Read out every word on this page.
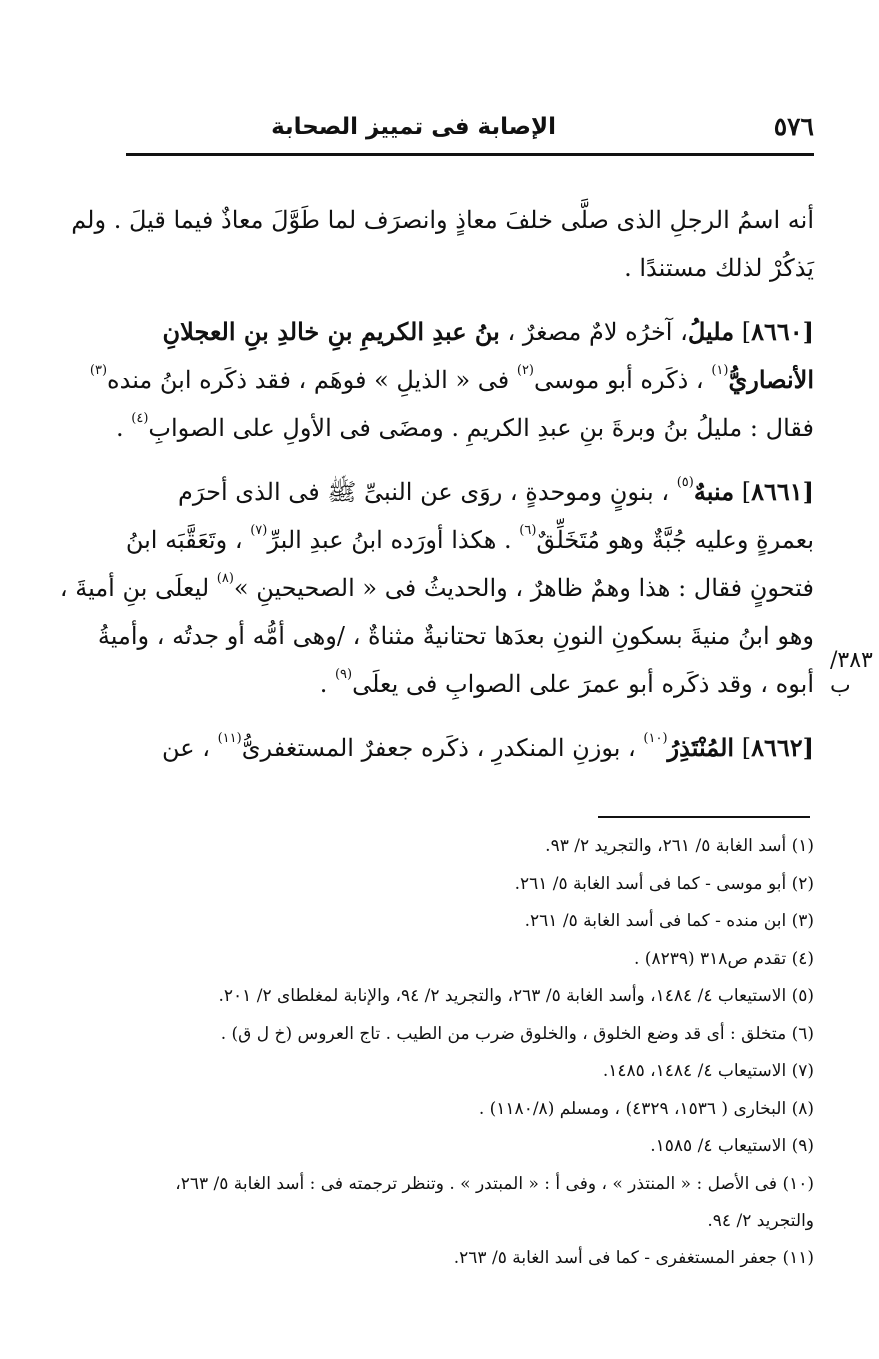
٥٧٦
الإصابة فى تمييز الصحابة
٣٨٣/ب
أنه اسمُ الرجلِ الذى صلَّى خلفَ معاذٍ وانصرَف لما طَوَّلَ معاذٌ فيما قيلَ . ولم
يَذكُرْ لذلك مستندًا .
[٨٦٦٠] مليلُ، آخرُه لامٌ مصغرٌ ، بنُ عبدِ الكريمِ بنِ خالدِ بنِ العجلانِ
الأنصاريُّ$^{(١)}$ ، ذكَره أبو موسى$^{(٢)}$ فى « الذيلِ » فوهَم ، فقد ذكَره ابنُ منده$^{(٣)}$
فقال : مليلُ بنُ وبرةَ بنِ عبدِ الكريمِ . ومضَى فى الأولِ على الصوابِ$^{(٤)}$ .
[٨٦٦١] منبهٌ$^{(٥)}$ ، بنونٍ وموحدةٍ ، روَى عن النبىِّ ﷺ فى الذى أحرَم
بعمرةٍ وعليه جُبَّةٌ وهو مُتَخَلِّقٌ$^{(٦)}$ . هكذا أورَده ابنُ عبدِ البرِّ$^{(٧)}$ ، وتَعَقَّبَه ابنُ
فتحونٍ فقال : هذا وهمٌ ظاهرٌ ، والحديثُ فى « الصحيحينِ »$^{(٨)}$ ليعلَى بنِ أميةَ ،
وهو ابنُ منيةَ بسكونِ النونِ بعدَها تحتانيةٌ مثناةٌ ، /وهى أمُّه أو جدتُه ، وأميةُ
أبوه ، وقد ذكَره أبو عمرَ على الصوابِ فى يعلَى$^{(٩)}$ .
[٨٦٦٢] المُنْتَذِرُ$^{(١٠)}$ ، بوزنِ المنكدرِ ، ذكَره جعفرٌ المستغفرىُّ$^{(١١)}$ ، عن
(١) أسد الغابة ٥/ ٢٦١، والتجريد ٢/ ٩٣.
(٢) أبو موسى - كما فى أسد الغابة ٥/ ٢٦١.
(٣) ابن منده - كما فى أسد الغابة ٥/ ٢٦١.
(٤) تقدم ص٣١٨ (٨٢٣٩) .
(٥) الاستيعاب ٤/ ١٤٨٤، وأسد الغابة ٥/ ٢٦٣، والتجريد ٢/ ٩٤، والإنابة لمغلطاى ٢/ ٢٠١.
(٦) متخلق : أى قد وضع الخلوق ، والخلوق ضرب من الطيب . تاج العروس (خ ل ق) .
(٧) الاستيعاب ٤/ ١٤٨٤، ١٤٨٥.
(٨) البخارى ( ١٥٣٦، ٤٣٢٩) ، ومسلم (١١٨٠/٨) .
(٩) الاستيعاب ٤/ ١٥٨٥.
(١٠) فى الأصل : « المنتذر » ، وفى أ : « المبتدر » . وتنظر ترجمته فى : أسد الغابة ٥/ ٢٦٣، والتجريد ٢/ ٩٤.
(١١) جعفر المستغفرى - كما فى أسد الغابة ٥/ ٢٦٣.
